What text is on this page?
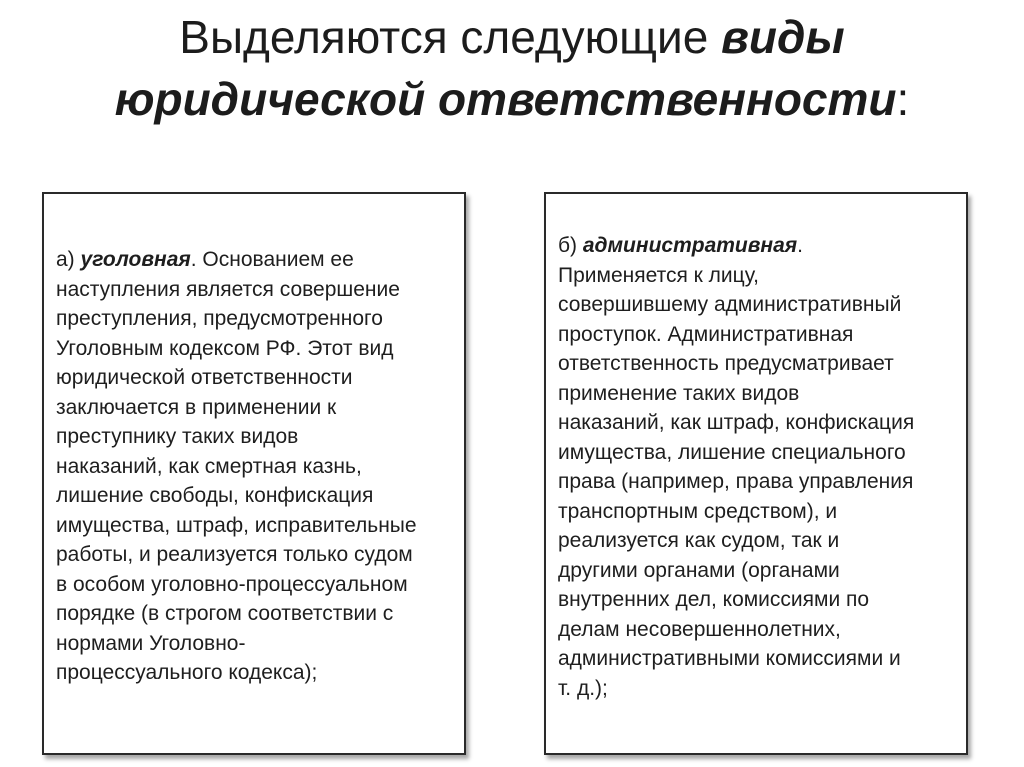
Выделяются следующие виды
юридической ответственности:
а) уголовная. Основанием ее
наступления является совершение
преступления, предусмотренного
Уголовным кодексом РФ. Этот вид
юридической ответственности
заключается в применении к
преступнику таких видов
наказаний, как смертная казнь,
лишение свободы, конфискация
имущества, штраф, исправительные
работы, и реализуется только судом
в особом уголовно-процессуальном
порядке (в строгом соответствии с
нормами Уголовно-
процессуального кодекса);
б) административная.
Применяется к лицу,
совершившему административный
проступок. Административная
ответственность предусматривает
применение таких видов
наказаний, как штраф, конфискация
имущества, лишение специального
права (например, права управления
транспортным средством), и
реализуется как судом, так и
другими органами (органами
внутренних дел, комиссиями по
делам несовершеннолетних,
административными комиссиями и
т. д.);
